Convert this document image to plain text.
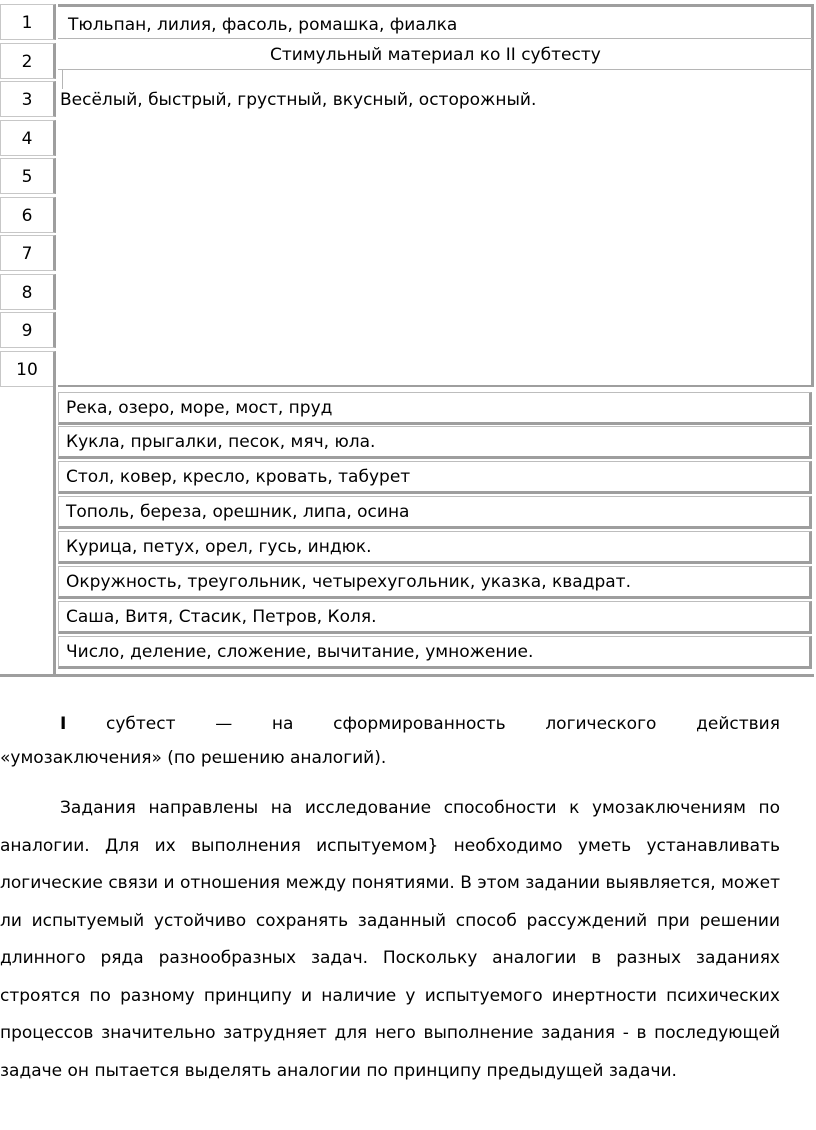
1
2
3
4
5
6
7
8
9
10
Тюльпан, лилия, фасоль, ромашка, фиалка
Стимульный материал ко II субтесту
Весёлый, быстрый, грустный, вкусный, осторожный.
Река, озеро, море, мост, пруд
Кукла, прыгалки, песок, мяч, юла.
Стол, ковер, кресло, кровать, табурет
Тополь, береза, орешник, липа, осина
Курица, петух, орел, гусь, индюк.
Окружность, треугольник, четырехугольник, указка, квадрат.
Саша, Витя, Стасик, Петров, Коля.
Число, деление, сложение, вычитание, умножение.
I субтест — на сформированность логического действия
«умозаключения» (по решению аналогий).

Задания направлены на исследование способности к умозаключениям по аналогии. Для их выполнения испытуемом} необходимо уметь устанавливать логические связи и отношения между понятиями. В этом задании выявляется, может ли испытуемый устойчиво сохранять заданный способ рассуждений при решении длинного ряда разнообразных задач. Поскольку аналогии в разных заданиях строятся по разному принципу и наличие у испытуемого инертности психических процессов значительно затрудняет для него выполнение задания - в последующей задаче он пытается выделять аналогии по принципу предыдущей задачи.
